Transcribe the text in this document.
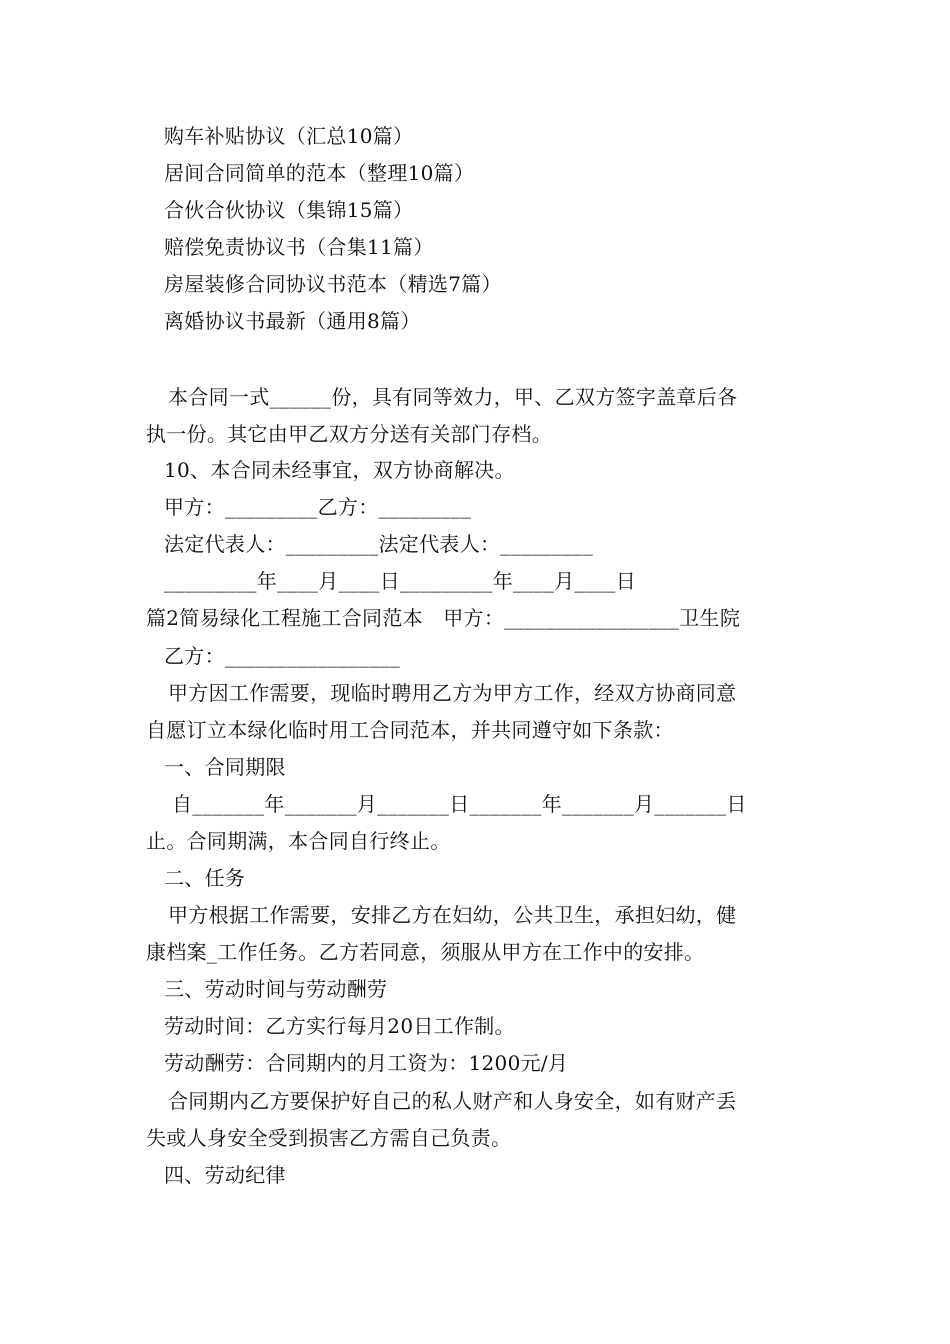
购车补贴协议（汇总10篇）
居间合同简单的范本（整理10篇）
合伙合伙协议（集锦15篇）
赔偿免责协议书（合集11篇）
房屋装修合同协议书范本（精选7篇）
离婚协议书最新（通用8篇）
本合同一式______份，具有同等效力，甲、乙双方签字盖章后各
执一份。其它由甲乙双方分送有关部门存档。
10、本合同未经事宜，双方协商解决。
甲方：_________乙方：_________
法定代表人：_________法定代表人：_________
_________年____月____日_________年____月____日
篇2简易绿化工程施工合同范本　甲方：_________________卫生院
乙方：_________________
甲方因工作需要，现临时聘用乙方为甲方工作，经双方协商同意
自愿订立本绿化临时用工合同范本，并共同遵守如下条款：
一、合同期限
自_______年_______月_______日_______年_______月_______日
止。合同期满，本合同自行终止。
二、任务
甲方根据工作需要，安排乙方在妇幼，公共卫生，承担妇幼，健
康档案_工作任务。乙方若同意，须服从甲方在工作中的安排。
三、劳动时间与劳动酬劳
劳动时间：乙方实行每月20日工作制。
劳动酬劳：合同期内的月工资为：1200元/月
合同期内乙方要保护好自己的私人财产和人身安全，如有财产丢
失或人身安全受到损害乙方需自己负责。
四、劳动纪律
